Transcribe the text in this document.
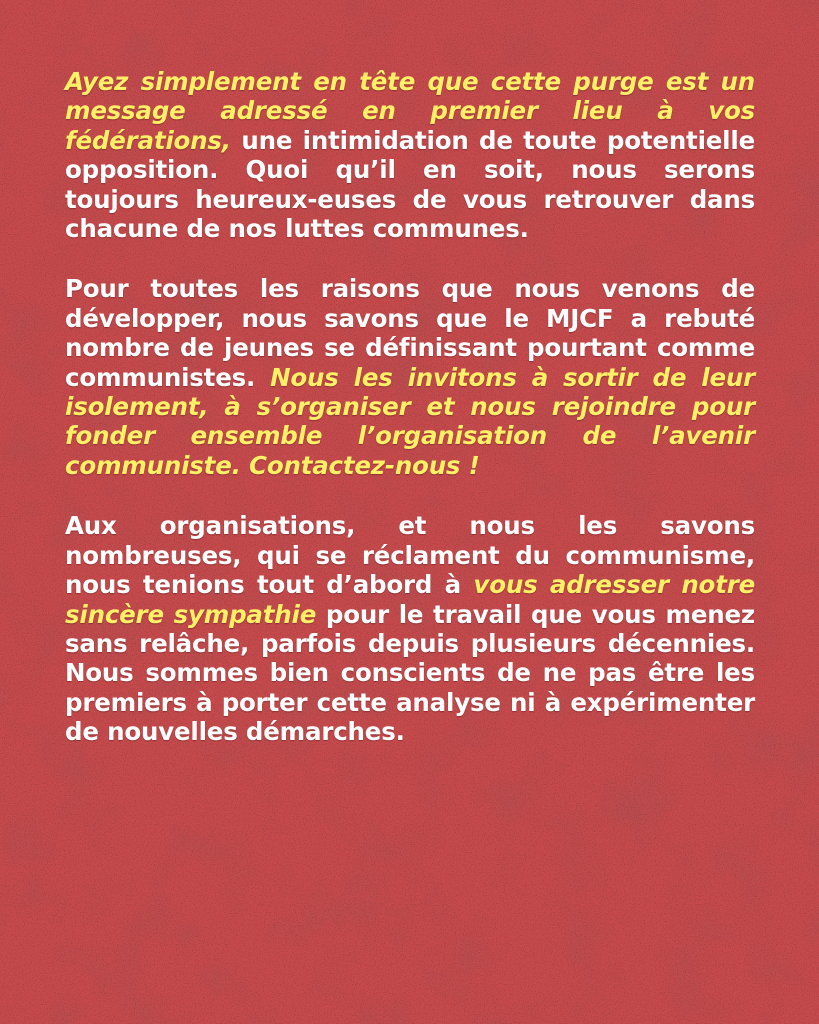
Ayez simplement en tête que cette purge est un message adressé en premier lieu à vos fédérations, une intimidation de toute potentielle opposition. Quoi qu’il en soit, nous serons toujours heureux-euses de vous retrouver dans chacune de nos luttes communes.

Pour toutes les raisons que nous venons de développer, nous savons que le MJCF a rebuté nombre de jeunes se définissant pourtant comme communistes. Nous les invitons à sortir de leur isolement, à s’organiser et nous rejoindre pour fonder ensemble l’organisation de l’avenir communiste. Contactez-nous !

Aux organisations, et nous les savons nombreuses, qui se réclament du communisme, nous tenions tout d’abord à vous adresser notre sincère sympathie pour le travail que vous menez sans relâche, parfois depuis plusieurs décennies. Nous sommes bien conscients de ne pas être les premiers à porter cette analyse ni à expérimenter de nouvelles démarches.
